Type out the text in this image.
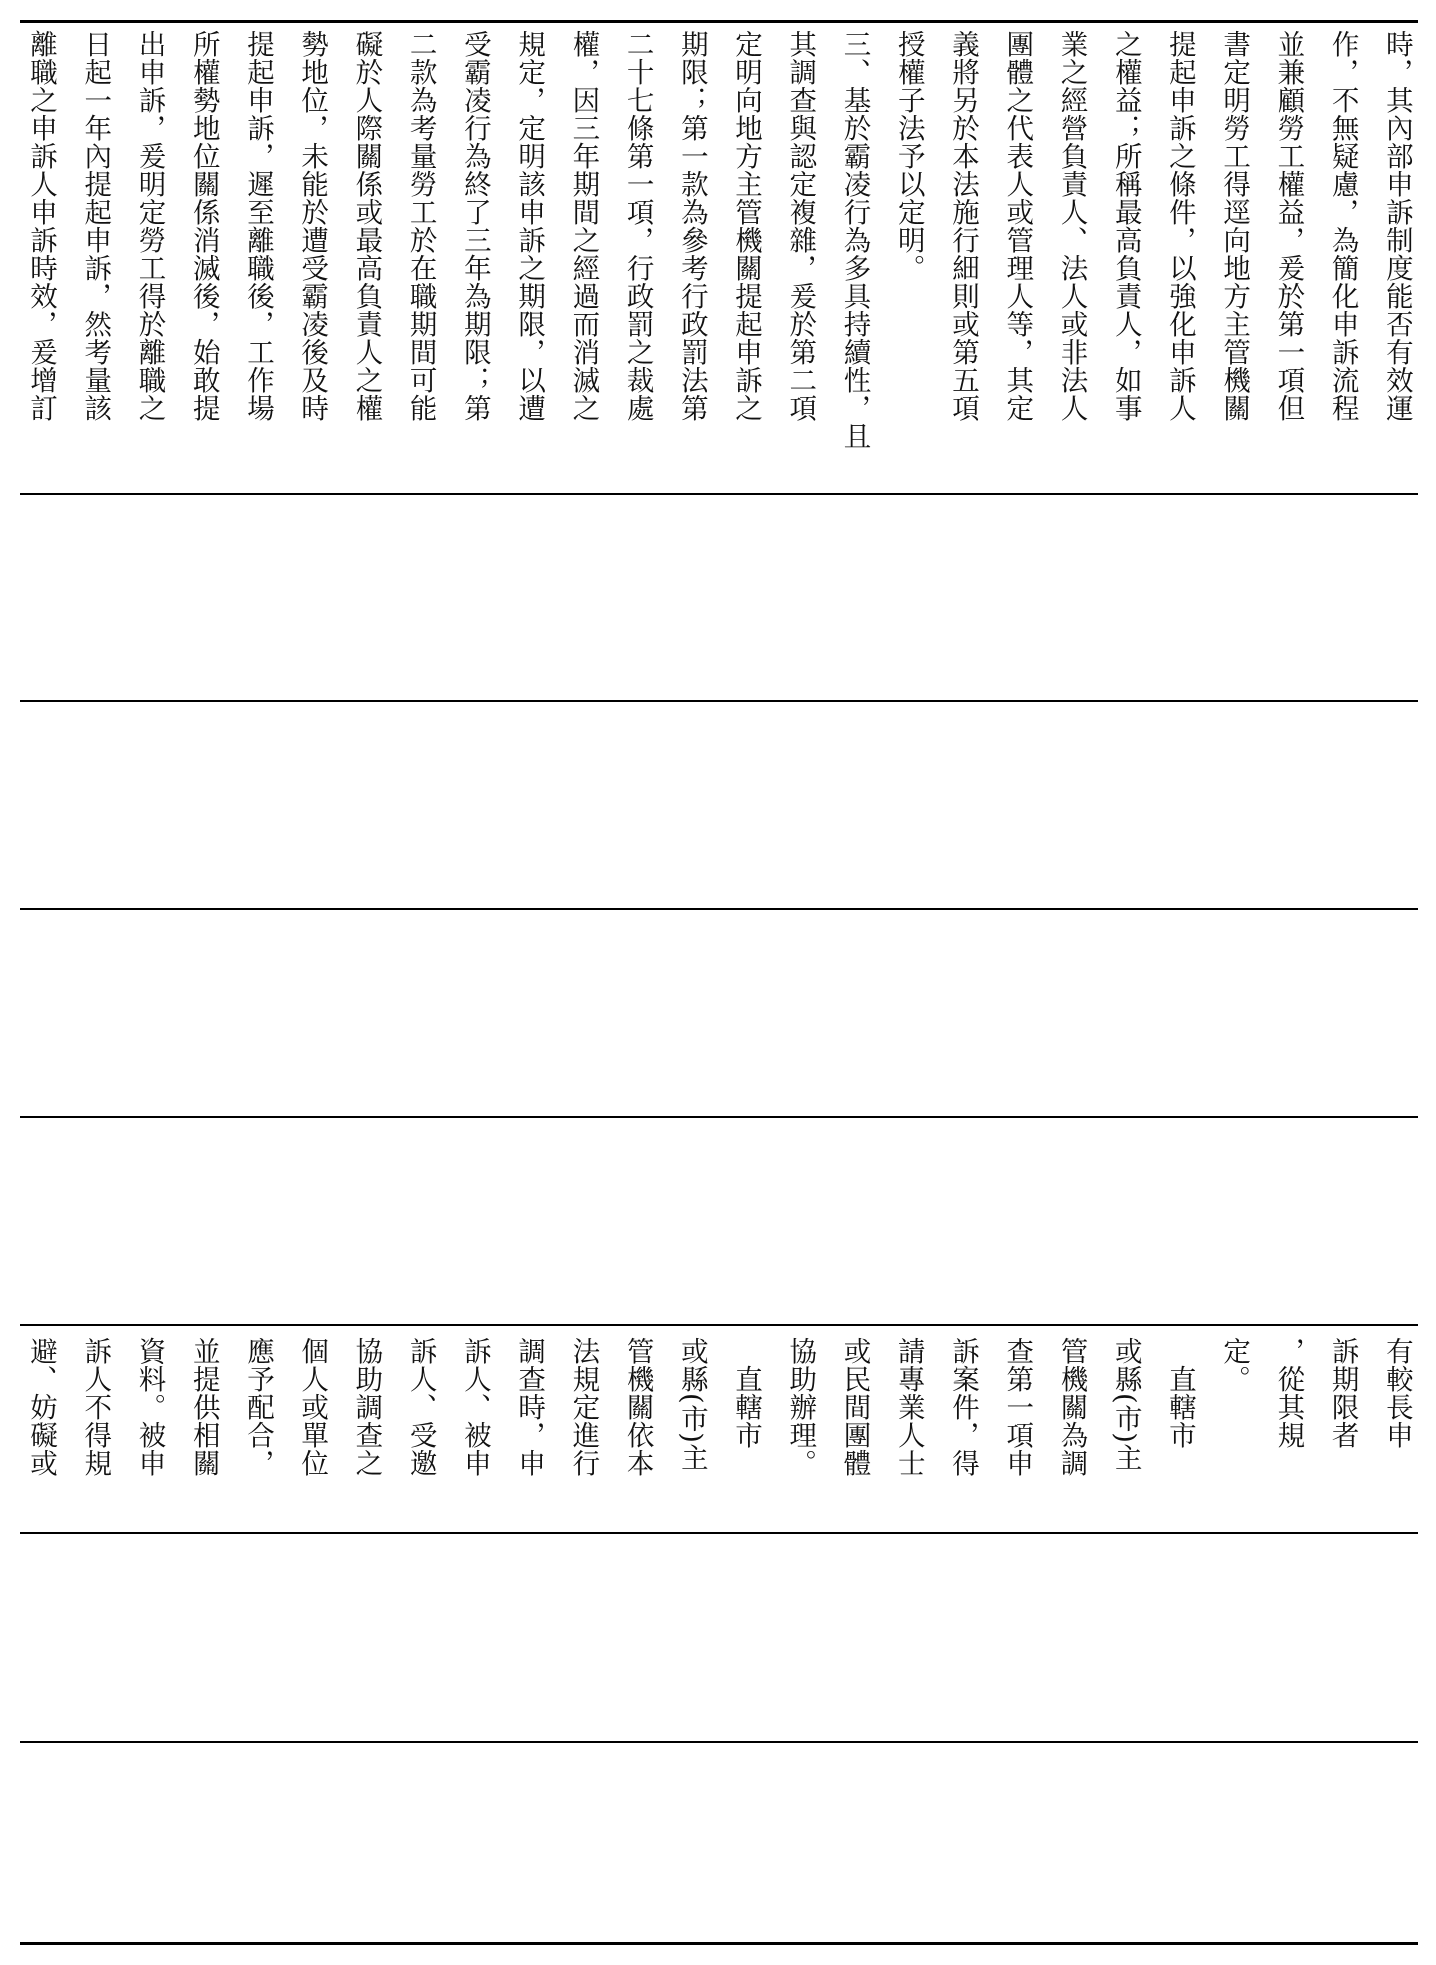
時，其內部申訴制度能否有效運
作，不無疑慮，為簡化申訴流程
並兼顧勞工權益，爰於第一項但
書定明勞工得逕向地方主管機關
提起申訴之條件，以強化申訴人
之權益；所稱最高負責人，如事
業之經營負責人、法人或非法人
團體之代表人或管理人等，其定
義將另於本法施行細則或第五項
授權子法予以定明。
三、基於霸凌行為多具持續性，且
其調查與認定複雜，爰於第二項
定明向地方主管機關提起申訴之
期限；第一款為參考行政罰法第
二十七條第一項，行政罰之裁處
權，因三年期間之經過而消滅之
規定，定明該申訴之期限，以遭
受霸凌行為終了三年為期限；第
二款為考量勞工於在職期間可能
礙於人際關係或最高負責人之權
勢地位，未能於遭受霸凌後及時
提起申訴，遲至離職後，工作場
所權勢地位關係消滅後，始敢提
出申訴，爰明定勞工得於離職之
日起一年內提起申訴，然考量該
離職之申訴人申訴時效，爰增訂
有較長申
訴期限者
，從其規
定。
　直轄市
或縣(市)主
管機關為調
查第一項申
訴案件，得
請專業人士
或民間團體
協助辦理。
　直轄市
或縣(市)主
管機關依本
法規定進行
調查時，申
訴人、被申
訴人、受邀
協助調查之
個人或單位
應予配合，
並提供相關
資料。被申
訴人不得規
避、妨礙或
